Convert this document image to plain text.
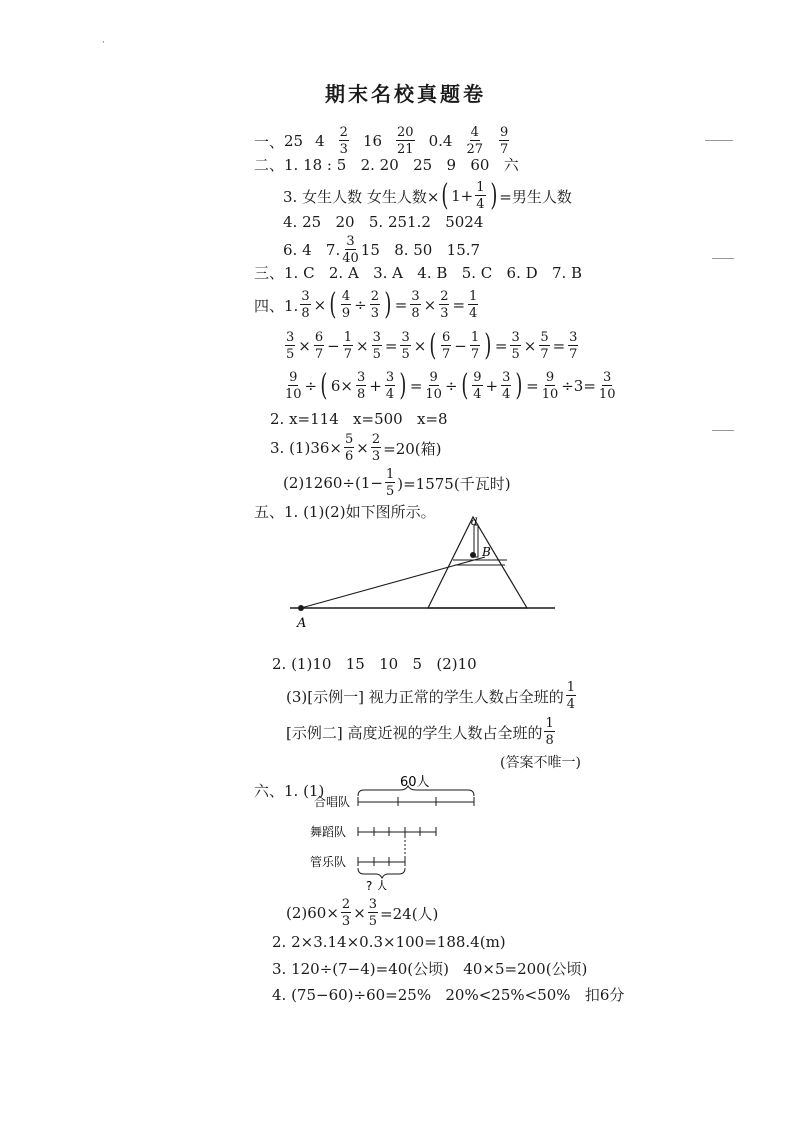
·
期末名校真题卷
一、 25 $4 \frac{2}{3} 16 \frac{20}{21} 0.4 \frac{4}{27} \frac{9}{7}$
二、1. 18 : 5   2. 20   25   9   60   六
3. 女生人数 女生人数× ( $1+ \frac{1}{4}$ ) =男生人数
4. 25   20   5. 251.2   5024
6. 4   7. $\frac{3}{40} 15$   8. 50   15.7
三、1. C   2. A   3. A   4. B   5. C   6. D   7. B
四、1. $\frac{3}{8}$ × ( $\frac{4}{9} \div \frac{2}{3}$ ) = $\frac{3}{8} \times \frac{2}{3} = \frac{1}{4}$
$\frac{3}{5} \times \frac{6}{7} - \frac{1}{7} \times \frac{3}{5} = \frac{3}{5}$ × ( $\frac{6}{7} - \frac{1}{7}$ ) = $\frac{3}{5} \times \frac{5}{7} = \frac{3}{7}$
$\frac{9}{10}$ ÷ ( $6\times \frac{3}{8} + \frac{3}{4}$ ) = $\frac{9}{10}$ ÷ ( $\frac{9}{4} + \frac{3}{4}$ ) = $\frac{9}{10} \div 3= \frac{3}{10}$
2. x=114   x=500   x=8
3. $(1)36\times \frac{5}{6} \times \frac{2}{3} =20$(箱)
$(2)1260\div(1- \frac{1}{5} )=1575$(千瓦时)
五、1. (1)(2)如下图所示。
A
B
d
2. (1)10   15   10   5   (2)10
(3)[示例一] 视力正常的学生人数占全班的 $\frac{1}{4}$
[示例二] 高度近视的学生人数占全班的 $\frac{1}{8}$
(答案不唯一)
六、1. (1)	60人
合唱队
舞蹈队
管乐队
? 人
$(2)60\times \frac{2}{3} \times \frac{3}{5} =24$(人)
2. 2×3.14×0.3×100=188.4(m)
3. 120÷(7−4)=40(公顷)   40×5=200(公顷)
4. (75−60)÷60=25%   20%<25%<50%   扣6分
